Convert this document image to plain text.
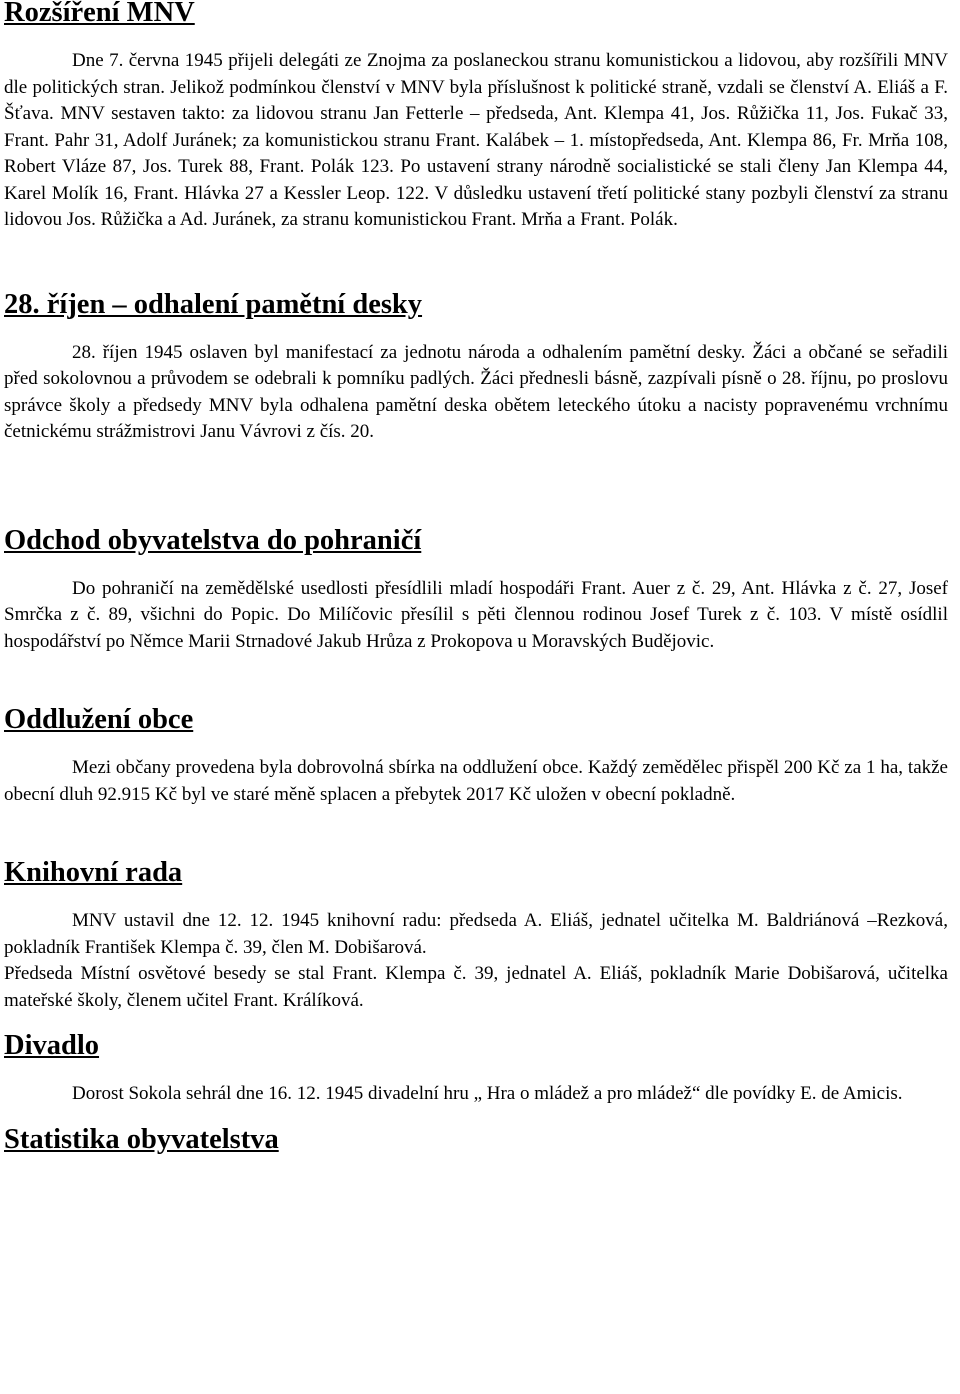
Rozšíření MNV

Dne 7. června 1945 přijeli delegáti ze Znojma za poslaneckou stranu komunistickou a lidovou, aby rozšířili MNV dle politických stran. Jelikož podmínkou členství v MNV byla příslušnost k politické straně, vzdali se členství A. Eliáš a F. Šťava. MNV sestaven takto: za lidovou stranu Jan Fetterle – předseda, Ant. Klempa 41, Jos. Růžička 11, Jos. Fukač 33, Frant. Pahr 31, Adolf Juránek; za komunistickou stranu Frant. Kalábek – 1. místopředseda, Ant. Klempa 86, Fr. Mrňa 108, Robert Vláze 87, Jos. Turek 88, Frant. Polák 123. Po ustavení strany národně socialistické se stali členy Jan Klempa 44, Karel Molík 16, Frant. Hlávka 27 a Kessler Leop. 122. V důsledku ustavení třetí politické stany pozbyli členství za stranu lidovou Jos. Růžička a Ad. Juránek, za stranu komunistickou Frant. Mrňa a Frant. Polák.

28. říjen – odhalení pamětní desky

28. říjen 1945 oslaven byl manifestací za jednotu národa a odhalením pamětní desky. Žáci a občané se seřadili před sokolovnou a průvodem se odebrali k pomníku padlých. Žáci přednesli básně, zazpívali písně o 28. říjnu, po proslovu správce školy a předsedy MNV byla odhalena pamětní deska obětem leteckého útoku a nacisty popravenému vrchnímu četnickému strážmistrovi Janu Vávrovi z čís. 20.

Odchod obyvatelstva do pohraničí

Do pohraničí na zemědělské usedlosti přesídlili mladí hospodáři Frant. Auer z č. 29, Ant. Hlávka z č. 27, Josef Smrčka z č. 89, všichni do Popic. Do Milíčovic přesílil s pěti člennou rodinou Josef Turek z č. 103. V místě osídlil hospodářství po Němce Marii Strnadové Jakub Hrůza z Prokopova u Moravských Budějovic.

Oddlužení obce

Mezi občany provedena byla dobrovolná sbírka na oddlužení obce. Každý zemědělec přispěl 200 Kč za 1 ha, takže obecní dluh 92.915 Kč byl ve staré měně splacen a přebytek 2017 Kč uložen v obecní pokladně.

Knihovní rada

MNV ustavil dne 12. 12. 1945 knihovní radu: předseda A. Eliáš, jednatel učitelka M. Baldriánová –Rezková, pokladník František Klempa č. 39, člen M. Dobišarová.

Předseda Místní osvětové besedy se stal Frant. Klempa č. 39, jednatel A. Eliáš, pokladník Marie Dobišarová, učitelka mateřské školy, členem učitel Frant. Králíková.

Divadlo

Dorost Sokola sehrál dne 16. 12. 1945 divadelní hru „ Hra o mládež a pro mládež“ dle povídky E. de Amicis.

Statistika obyvatelstva
